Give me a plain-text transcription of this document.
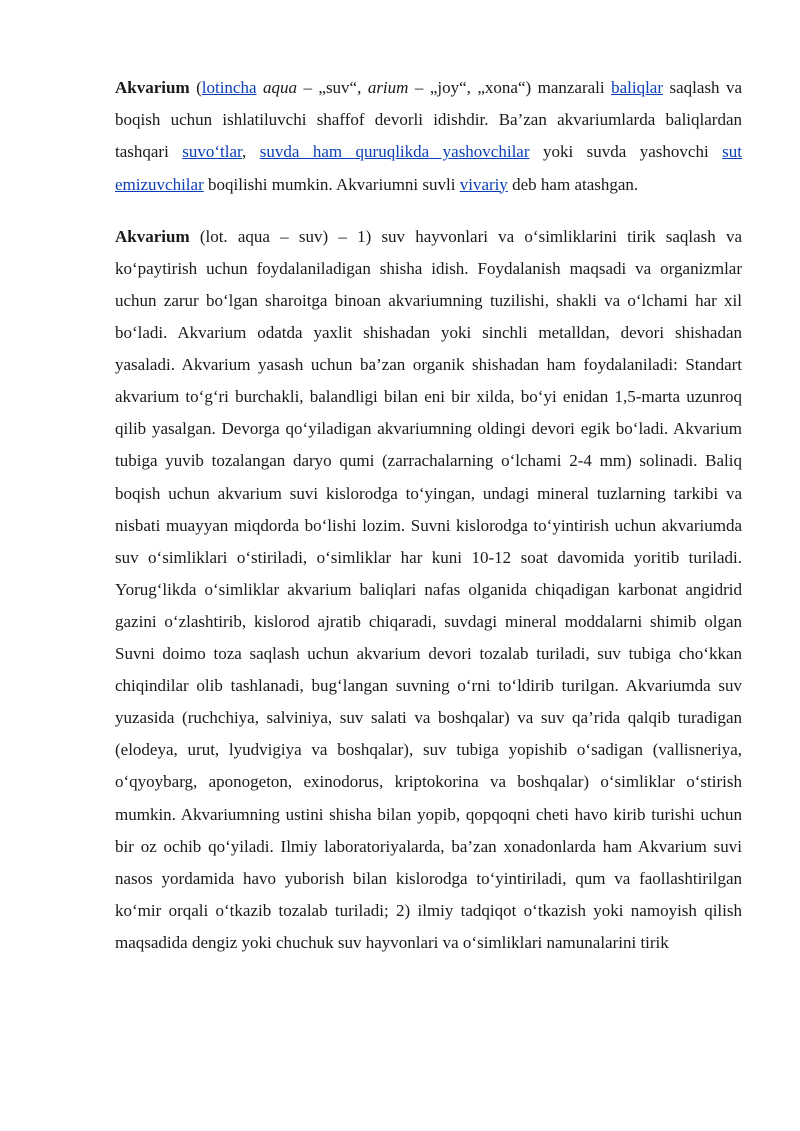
Akvarium (lotincha aqua – „suv“, arium – „joy“, „xona“) manzarali baliqlar saqlash va boqish uchun ishlatiluvchi shaffof devorli idishdir. Ba’zan akvariumlarda baliqlardan tashqari suvo‘tlar, suvda ham quruqlikda yashovchilar yoki suvda yashovchi sut emizuvchilar boqilishi mumkin. Akvariumni suvli vivariy deb ham atashgan.

Akvarium (lot. aqua – suv) – 1) suv hayvonlari va o‘simliklarini tirik saqlash va ko‘paytirish uchun foydalaniladigan shisha idish. Foydalanish maqsadi va organizmlar uchun zarur bo‘lgan sharoitga binoan akvariumning tuzilishi, shakli va o‘lchami har xil bo‘ladi. Akvarium odatda yaxlit shishadan yoki sinchli metalldan, devori shishadan yasaladi. Akvarium yasash uchun ba’zan organik shishadan ham foydalaniladi: Standart akvarium to‘g‘ri burchakli, balandligi bilan eni bir xilda, bo‘yi enidan 1,5-marta uzunroq qilib yasalgan. Devorga qo‘yiladigan akvariumning oldingi devori egik bo‘ladi. Akvarium tubiga yuvib tozalangan daryo qumi (zarrachalarning o‘lchami 2-4 mm) solinadi. Baliq boqish uchun akvarium suvi kislorodga to‘yingan, undagi mineral tuzlarning tarkibi va nisbati muayyan miqdorda bo‘lishi lozim. Suvni kislorodga to‘yintirish uchun akvariumda suv o‘simliklari o‘stiriladi, o‘simliklar har kuni 10-12 soat davomida yoritib turiladi. Yorug‘likda o‘simliklar akvarium baliqlari nafas olganida chiqadigan karbonat angidrid gazini o‘zlashtirib, kislorod ajratib chiqaradi, suvdagi mineral moddalarni shimib olgan Suvni doimo toza saqlash uchun akvarium devori tozalab turiladi, suv tubiga cho‘kkan chiqindilar olib tashlanadi, bug‘langan suvning o‘rni to‘ldirib turilgan. Akvariumda suv yuzasida (ruchchiya, salviniya, suv salati va boshqalar) va suv qa’rida qalqib turadigan (elodeya, urut, lyudvigiya va boshqalar), suv tubiga yopishib o‘sadigan (vallisneriya, o‘qyoybarg, aponogeton, exinodorus, kriptokorina va boshqalar) o‘simliklar o‘stirish mumkin. Akvariumning ustini shisha bilan yopib, qopqoqni cheti havo kirib turishi uchun bir oz ochib qo‘yiladi. Ilmiy laboratoriyalarda, ba’zan xonadonlarda ham Akvarium suvi nasos yordamida havo yuborish bilan kislorodga to‘yintiriladi, qum va faollashtirilgan ko‘mir orqali o‘tkazib tozalab turiladi; 2) ilmiy tadqiqot o‘tkazish yoki namoyish qilish maqsadida dengiz yoki chuchuk suv hayvonlari va o‘simliklari namunalarini tirik
